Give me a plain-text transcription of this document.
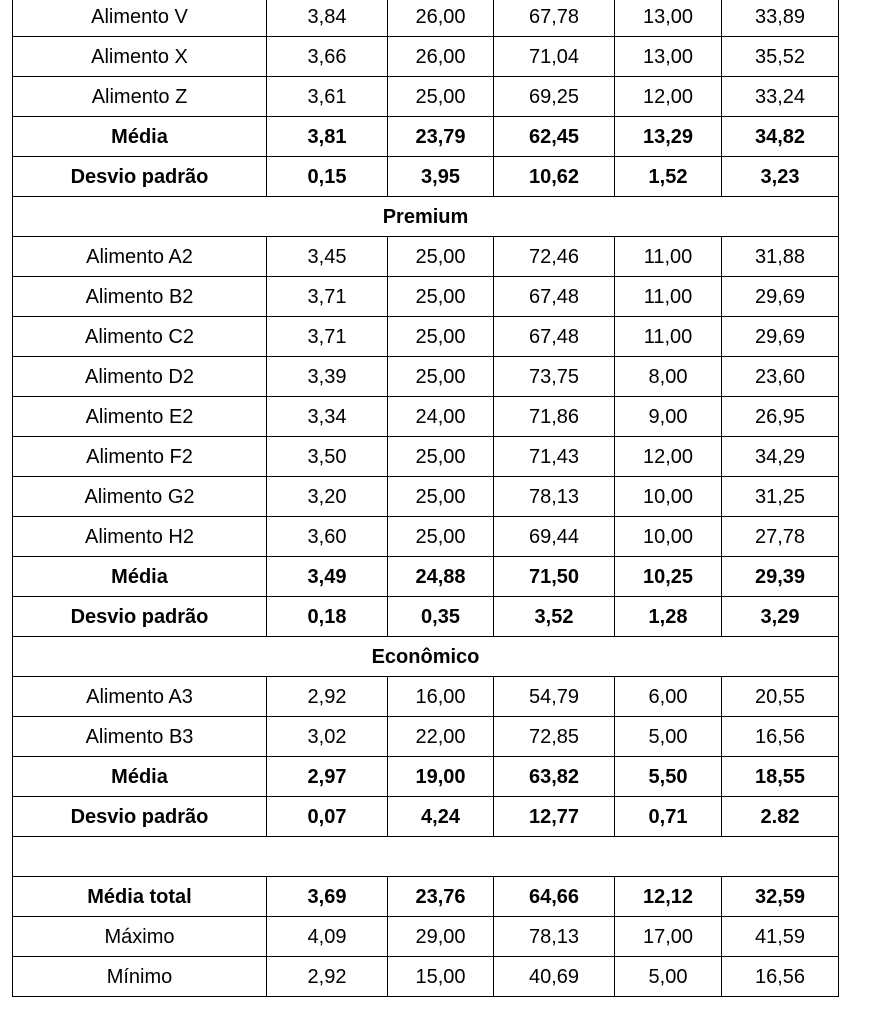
Alimento V	3,84	26,00	67,78	13,00	33,89
Alimento X	3,66	26,00	71,04	13,00	35,52
Alimento Z	3,61	25,00	69,25	12,00	33,24
Média	3,81	23,79	62,45	13,29	34,82
Desvio padrão	0,15	3,95	10,62	1,52	3,23
Premium					
Alimento A2	3,45	25,00	72,46	11,00	31,88
Alimento B2	3,71	25,00	67,48	11,00	29,69
Alimento C2	3,71	25,00	67,48	11,00	29,69
Alimento D2	3,39	25,00	73,75	8,00	23,60
Alimento E2	3,34	24,00	71,86	9,00	26,95
Alimento F2	3,50	25,00	71,43	12,00	34,29
Alimento G2	3,20	25,00	78,13	10,00	31,25
Alimento H2	3,60	25,00	69,44	10,00	27,78
Média	3,49	24,88	71,50	10,25	29,39
Desvio padrão	0,18	0,35	3,52	1,28	3,29
Econômico					
Alimento A3	2,92	16,00	54,79	6,00	20,55
Alimento B3	3,02	22,00	72,85	5,00	16,56
Média	2,97	19,00	63,82	5,50	18,55
Desvio padrão	0,07	4,24	12,77	0,71	2.82

Média total	3,69	23,76	64,66	12,12	32,59
Máximo	4,09	29,00	78,13	17,00	41,59
Mínimo	2,92	15,00	40,69	5,00	16,56
